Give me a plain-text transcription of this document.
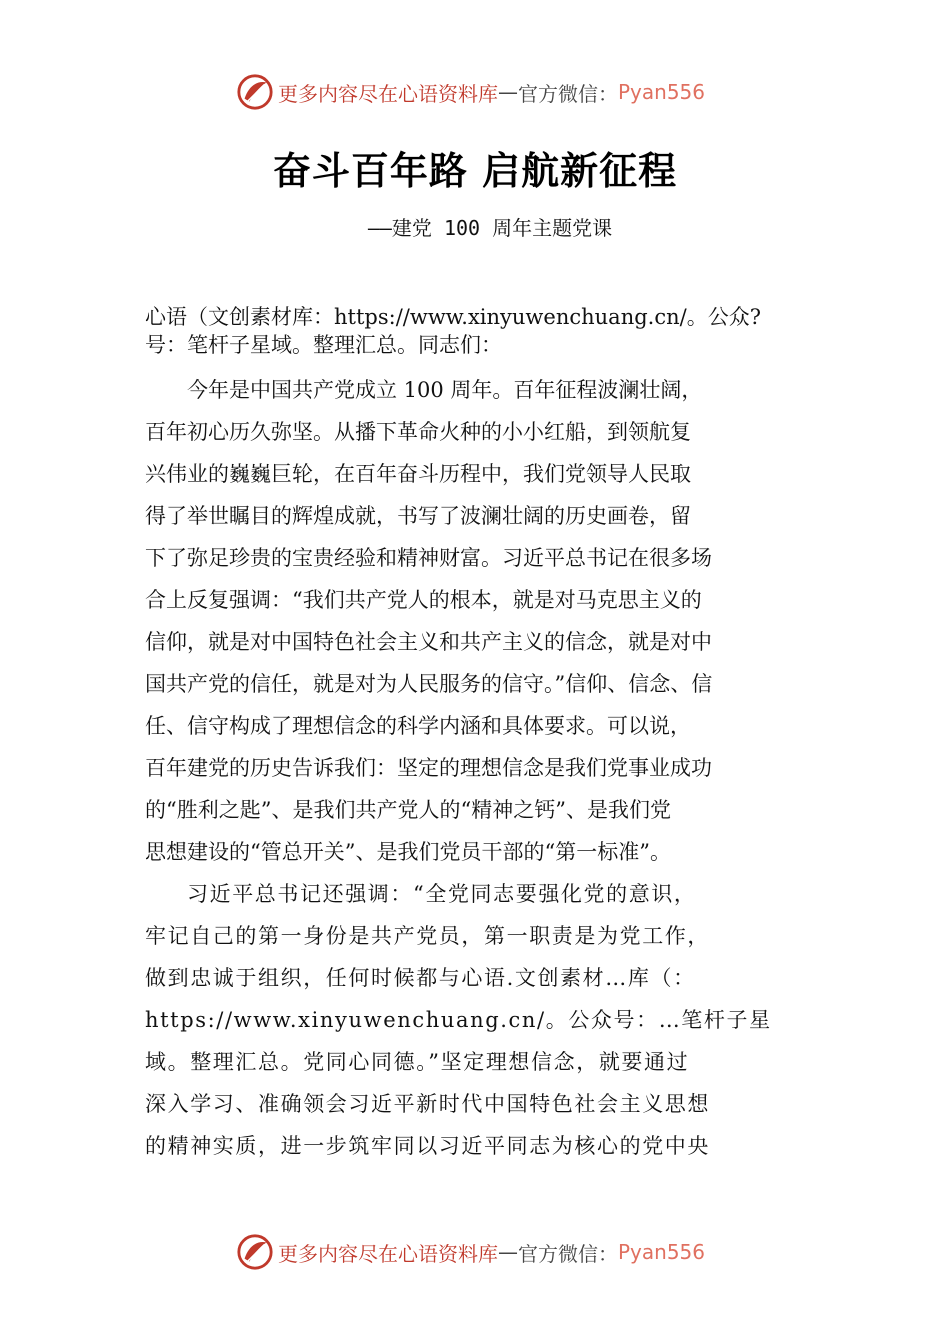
更多内容尽在心语资料库 — 官方微信： Pyan556
奋斗百年路 启航新征程
——建党 100 周年主题党课
心语（文创素材库：https://www.xinyuwenchuang.cn/。公众?
号：笔杆子星域。整理汇总。同志们：
今年是中国共产党成立 100 周年。百年征程波澜壮阔，
百年初心历久弥坚。从播下革命火种的小小红船，到领航复
兴伟业的巍巍巨轮，在百年奋斗历程中，我们党领导人民取
得了举世瞩目的辉煌成就，书写了波澜壮阔的历史画卷，留
下了弥足珍贵的宝贵经验和精神财富。习近平总书记在很多场
合上反复强调：“我们共产党人的根本，就是对马克思主义的
信仰，就是对中国特色社会主义和共产主义的信念，就是对中
国共产党的信任，就是对为人民服务的信守。”信仰、信念、信
任、信守构成了理想信念的科学内涵和具体要求。可以说，
百年建党的历史告诉我们：坚定的理想信念是我们党事业成功
的“胜利之匙”、是我们共产党人的“精神之钙”、是我们党
思想建设的“管总开关”、是我们党员干部的“第一标准”。
习近平总书记还强调：“全党同志要强化党的意识，
牢记自己的第一身份是共产党员，第一职责是为党工作，
做到忠诚于组织，任何时候都与心语.文创素材…库（：
https://www.xinyuwenchuang.cn/。公众号：…笔杆子星
域。整理汇总。党同心同德。”坚定理想信念，就要通过
深入学习、准确领会习近平新时代中国特色社会主义思想
的精神实质，进一步筑牢同以习近平同志为核心的党中央
更多内容尽在心语资料库 — 官方微信： Pyan556
